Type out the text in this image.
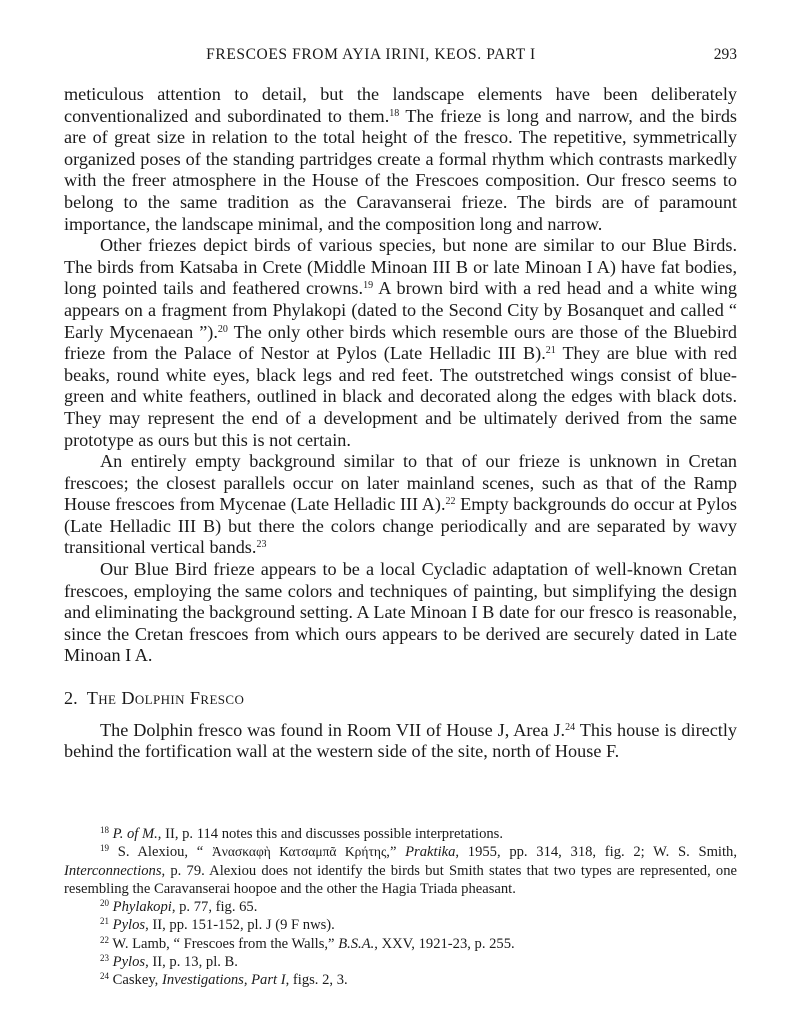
FRESCOES FROM AYIA IRINI, KEOS. PART I	293

meticulous attention to detail, but the landscape elements have been deliberately conventionalized and subordinated to them.$^{18}$ The frieze is long and narrow, and the birds are of great size in relation to the total height of the fresco. The repetitive, symmetrically organized poses of the standing partridges create a formal rhythm which contrasts markedly with the freer atmosphere in the House of the Frescoes composition. Our fresco seems to belong to the same tradition as the Caravanserai frieze. The birds are of paramount importance, the landscape minimal, and the composition long and narrow.

Other friezes depict birds of various species, but none are similar to our Blue Birds. The birds from Katsaba in Crete (Middle Minoan III B or late Minoan I A) have fat bodies, long pointed tails and feathered crowns.$^{19}$ A brown bird with a red head and a white wing appears on a fragment from Phylakopi (dated to the Second City by Bosanquet and called “ Early Mycenaean ”).$^{20}$ The only other birds which resemble ours are those of the Bluebird frieze from the Palace of Nestor at Pylos (Late Helladic III B).$^{21}$ They are blue with red beaks, round white eyes, black legs and red feet. The outstretched wings consist of blue-green and white feathers, outlined in black and decorated along the edges with black dots. They may represent the end of a development and be ultimately derived from the same prototype as ours but this is not certain.

An entirely empty background similar to that of our frieze is unknown in Cretan frescoes; the closest parallels occur on later mainland scenes, such as that of the Ramp House frescoes from Mycenae (Late Helladic III A).$^{22}$ Empty backgrounds do occur at Pylos (Late Helladic III B) but there the colors change periodically and are separated by wavy transitional vertical bands.$^{23}$

Our Blue Bird frieze appears to be a local Cycladic adaptation of well-known Cretan frescoes, employing the same colors and techniques of painting, but simplifying the design and eliminating the background setting. A Late Minoan I B date for our fresco is reasonable, since the Cretan frescoes from which ours appears to be derived are securely dated in Late Minoan I A.

2. The Dolphin Fresco

The Dolphin fresco was found in Room VII of House J, Area J.$^{24}$ This house is directly behind the fortification wall at the western side of the site, north of House F.

$^{18}$ P. of M., II, p. 114 notes this and discusses possible interpretations.

$^{19}$ S. Alexiou, “ Ἀνασκαφὴ Κατσαμπᾶ Κρήτης,” Praktika, 1955, pp. 314, 318, fig. 2; W. S. Smith, Interconnections, p. 79. Alexiou does not identify the birds but Smith states that two types are represented, one resembling the Caravanserai hoopoe and the other the Hagia Triada pheasant.

$^{20}$ Phylakopi, p. 77, fig. 65.

$^{21}$ Pylos, II, pp. 151-152, pl. J (9 F nws).

$^{22}$ W. Lamb, “ Frescoes from the Walls,” B.S.A., XXV, 1921-23, p. 255.

$^{23}$ Pylos, II, p. 13, pl. B.

$^{24}$ Caskey, Investigations, Part I, figs. 2, 3.
